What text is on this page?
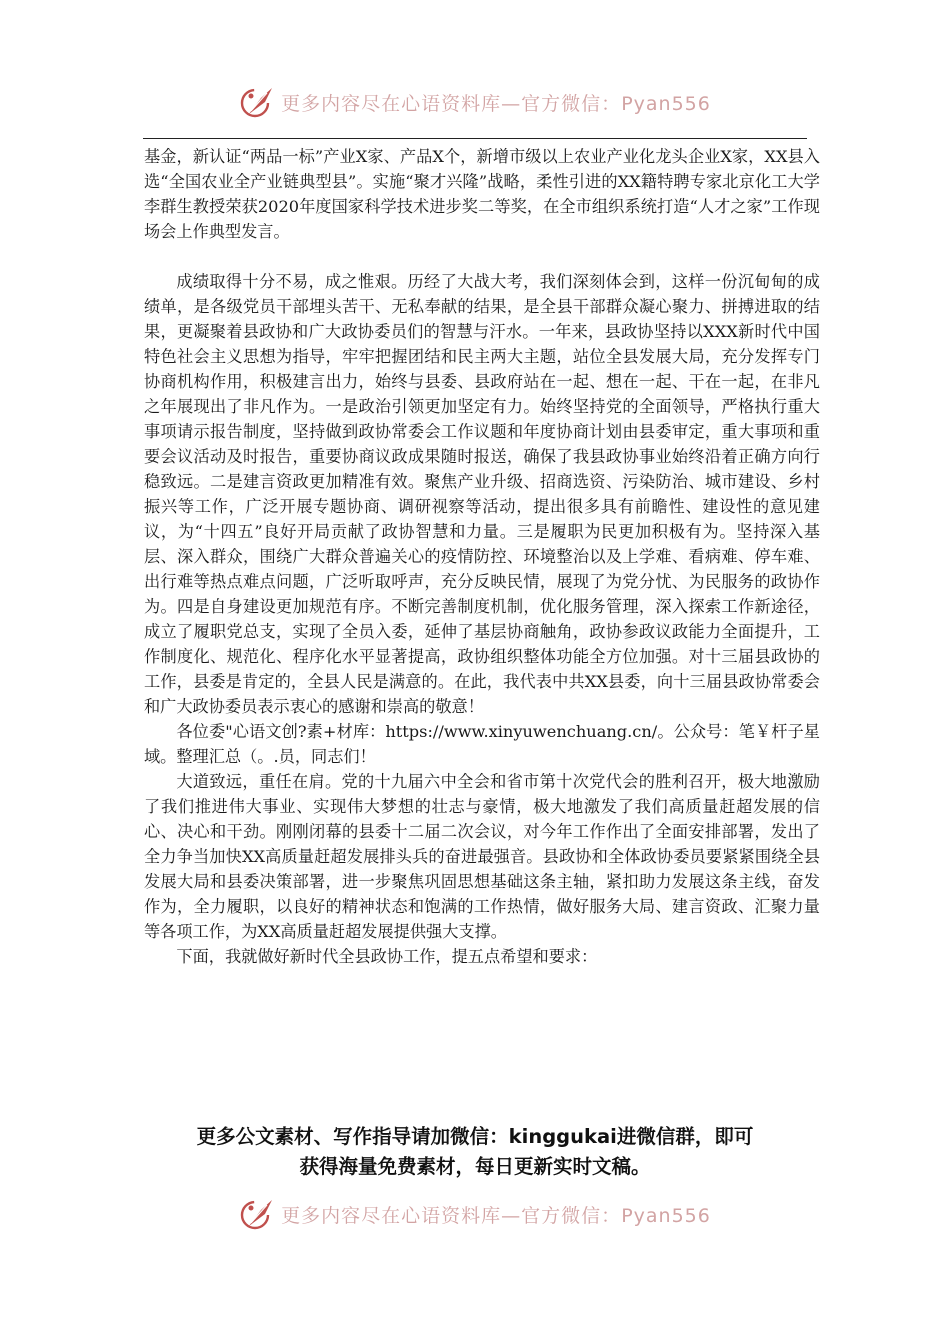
更多内容尽在心语资料库—官方微信：Pyan556

基金，新认证“两品一标”产业X家、产品X个，新增市级以上农业产业化龙头企业X家，XX县入选“全国农业全产业链典型县”。实施“聚才兴隆”战略，柔性引进的XX籍特聘专家北京化工大学李群生教授荣获2020年度国家科学技术进步奖二等奖，在全市组织系统打造“人才之家”工作现场会上作典型发言。

成绩取得十分不易，成之惟艰。历经了大战大考，我们深刻体会到，这样一份沉甸甸的成绩单，是各级党员干部埋头苦干、无私奉献的结果，是全县干部群众凝心聚力、拼搏进取的结果，更凝聚着县政协和广大政协委员们的智慧与汗水。一年来，县政协坚持以XXX新时代中国特色社会主义思想为指导，牢牢把握团结和民主两大主题，站位全县发展大局，充分发挥专门协商机构作用，积极建言出力，始终与县委、县政府站在一起、想在一起、干在一起，在非凡之年展现出了非凡作为。一是政治引领更加坚定有力。始终坚持党的全面领导，严格执行重大事项请示报告制度，坚持做到政协常委会工作议题和年度协商计划由县委审定，重大事项和重要会议活动及时报告，重要协商议政成果随时报送，确保了我县政协事业始终沿着正确方向行稳致远。二是建言资政更加精准有效。聚焦产业升级、招商选资、污染防治、城市建设、乡村振兴等工作，广泛开展专题协商、调研视察等活动，提出很多具有前瞻性、建设性的意见建议，为“十四五”良好开局贡献了政协智慧和力量。三是履职为民更加积极有为。坚持深入基层、深入群众，围绕广大群众普遍关心的疫情防控、环境整治以及上学难、看病难、停车难、出行难等热点难点问题，广泛听取呼声，充分反映民情，展现了为党分忧、为民服务的政协作为。四是自身建设更加规范有序。不断完善制度机制，优化服务管理，深入探索工作新途径，成立了履职党总支，实现了全员入委，延伸了基层协商触角，政协参政议政能力全面提升，工作制度化、规范化、程序化水平显著提高，政协组织整体功能全方位加强。对十三届县政协的工作，县委是肯定的，全县人民是满意的。在此，我代表中共XX县委，向十三届县政协常委会和广大政协委员表示衷心的感谢和崇高的敬意！

各位委"心语文创?素+材库：https://www.xinyuwenchuang.cn/。公众号：笔￥杆子星域。整理汇总（。.员，同志们！

大道致远，重任在肩。党的十九届六中全会和省市第十次党代会的胜利召开，极大地激励了我们推进伟大事业、实现伟大梦想的壮志与豪情，极大地激发了我们高质量赶超发展的信心、决心和干劲。刚刚闭幕的县委十二届二次会议，对今年工作作出了全面安排部署，发出了全力争当加快XX高质量赶超发展排头兵的奋进最强音。县政协和全体政协委员要紧紧围绕全县发展大局和县委决策部署，进一步聚焦巩固思想基础这条主轴，紧扣助力发展这条主线，奋发作为，全力履职，以良好的精神状态和饱满的工作热情，做好服务大局、建言资政、汇聚力量等各项工作，为XX高质量赶超发展提供强大支撑。

下面，我就做好新时代全县政协工作，提五点希望和要求：

更多公文素材、写作指导请加微信：kinggukai进微信群，即可
获得海量免费素材，每日更新实时文稿。
更多内容尽在心语资料库—官方微信：Pyan556
